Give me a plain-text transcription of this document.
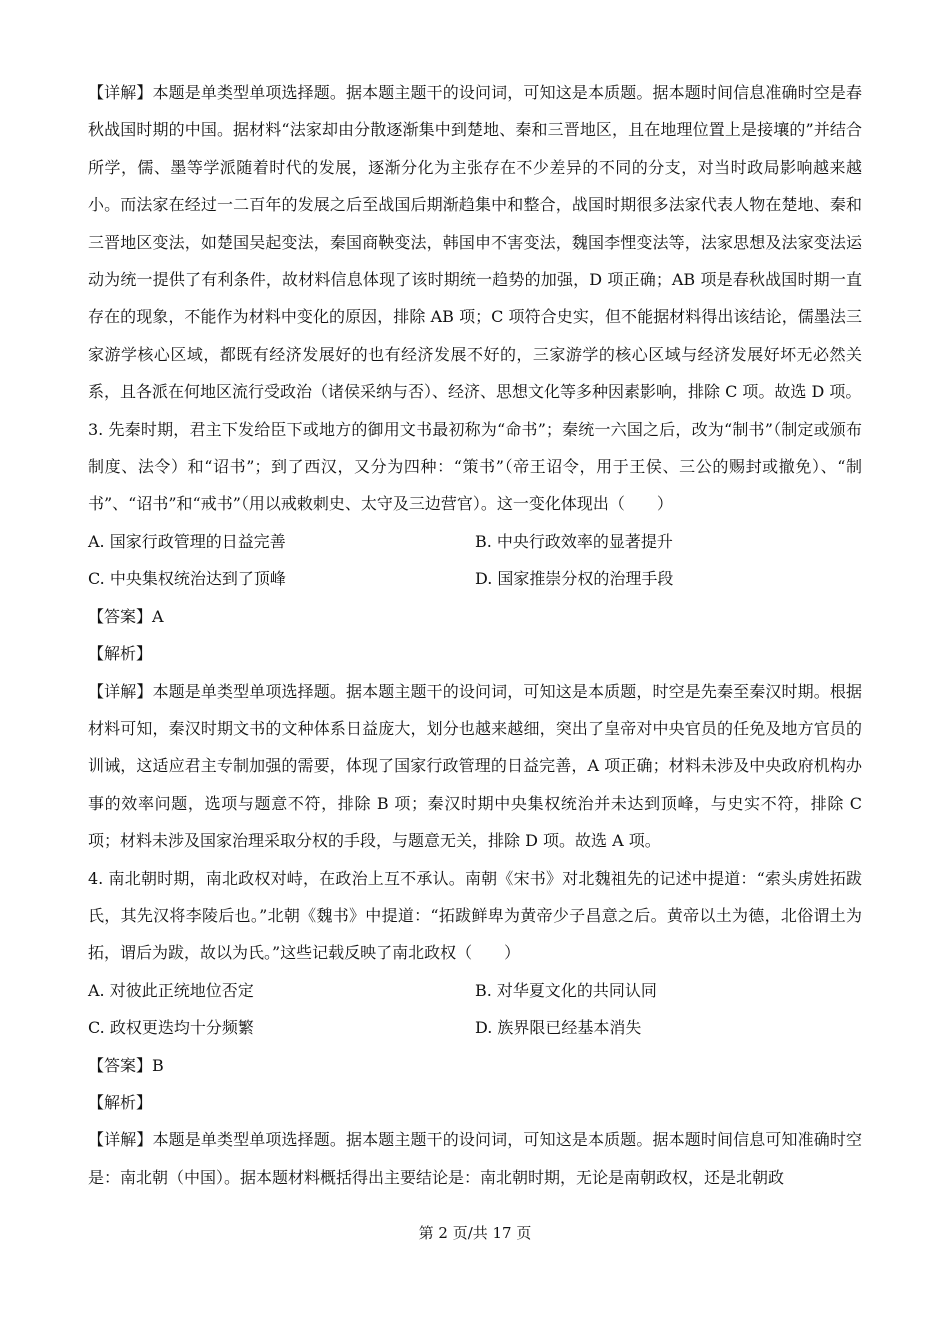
【详解】本题是单类型单项选择题。据本题主题干的设问词，可知这是本质题。据本题时间信息准确时空是春秋战国时期的中国。据材料“法家却由分散逐渐集中到楚地、秦和三晋地区，且在地理位置上是接壤的”并结合所学，儒、墨等学派随着时代的发展，逐渐分化为主张存在不少差异的不同的分支，对当时政局影响越来越小。而法家在经过一二百年的发展之后至战国后期渐趋集中和整合，战国时期很多法家代表人物在楚地、秦和三晋地区变法，如楚国吴起变法，秦国商鞅变法，韩国申不害变法，魏国李悝变法等，法家思想及法家变法运动为统一提供了有利条件，故材料信息体现了该时期统一趋势的加强，D 项正确；AB 项是春秋战国时期一直存在的现象，不能作为材料中变化的原因，排除 AB 项；C 项符合史实，但不能据材料得出该结论，儒墨法三家游学核心区域，都既有经济发展好的也有经济发展不好的，三家游学的核心区域与经济发展好坏无必然关系，且各派在何地区流行受政治（诸侯采纳与否）、经济、思想文化等多种因素影响，排除 C 项。故选 D 项。

3. 先秦时期，君主下发给臣下或地方的御用文书最初称为“命书”；秦统一六国之后，改为“制书”（制定或颁布制度、法令）和“诏书”；到了西汉，又分为四种：“策书”（帝王诏令，用于王侯、三公的赐封或撤免）、“制书”、“诏书”和“戒书”（用以戒敕刺史、太守及三边营官）。这一变化体现出（　　）

A. 国家行政管理的日益完善	B. 中央行政效率的显著提升
C. 中央集权统治达到了顶峰	D. 国家推崇分权的治理手段

【答案】A

【解析】

【详解】本题是单类型单项选择题。据本题主题干的设问词，可知这是本质题，时空是先秦至秦汉时期。根据材料可知，秦汉时期文书的文种体系日益庞大，划分也越来越细，突出了皇帝对中央官员的任免及地方官员的训诫，这适应君主专制加强的需要，体现了国家行政管理的日益完善，A 项正确；材料未涉及中央政府机构办事的效率问题，选项与题意不符，排除 B 项；秦汉时期中央集权统治并未达到顶峰，与史实不符，排除 C 项；材料未涉及国家治理采取分权的手段，与题意无关，排除 D 项。故选 A 项。

4. 南北朝时期，南北政权对峙，在政治上互不承认。南朝《宋书》对北魏祖先的记述中提道：“索头虏姓拓跋氏，其先汉将李陵后也。”北朝《魏书》中提道：“拓跋鲜卑为黄帝少子昌意之后。黄帝以土为德，北俗谓土为拓，谓后为跋，故以为氏。”这些记载反映了南北政权（　　）

A. 对彼此正统地位否定	B. 对华夏文化的共同认同
C. 政权更迭均十分频繁	D. 族界限已经基本消失

【答案】B

【解析】

【详解】本题是单类型单项选择题。据本题主题干的设问词，可知这是本质题。据本题时间信息可知准确时空是：南北朝（中国）。据本题材料概括得出主要结论是：南北朝时期，无论是南朝政权，还是北朝政

第 2 页/共 17 页
